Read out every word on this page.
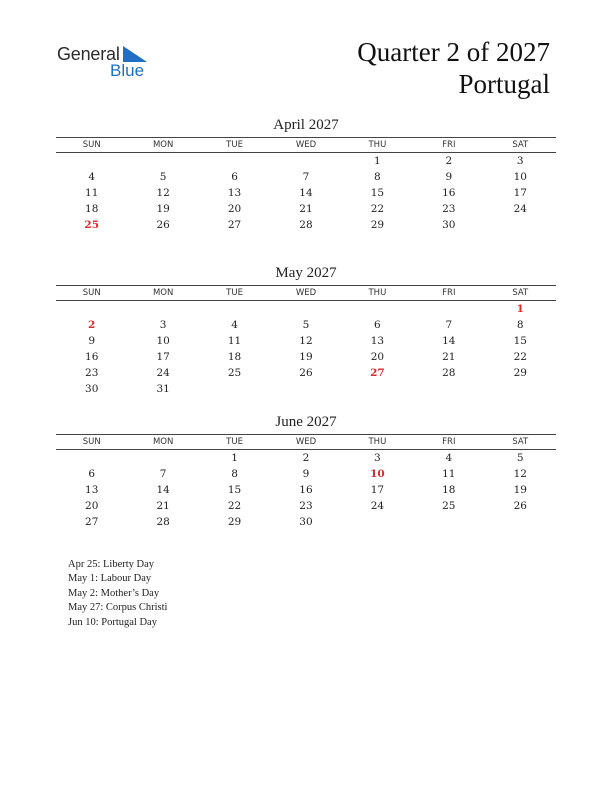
General
Blue
Quarter 2 of 2027
Portugal
April 2027
SUN	MON	TUE	WED	THU	FRI	SAT
				1	2	3
4	5	6	7	8	9	10
11	12	13	14	15	16	17
18	19	20	21	22	23	24
25	26	27	28	29	30	
May 2027
SUN	MON	TUE	WED	THU	FRI	SAT
						1
2	3	4	5	6	7	8
9	10	11	12	13	14	15
16	17	18	19	20	21	22
23	24	25	26	27	28	29
30	31					
June 2027
SUN	MON	TUE	WED	THU	FRI	SAT
		1	2	3	4	5
6	7	8	9	10	11	12
13	14	15	16	17	18	19
20	21	22	23	24	25	26
27	28	29	30			
Apr 25: Liberty Day
May 1: Labour Day
May 2: Mother’s Day
May 27: Corpus Christi
Jun 10: Portugal Day
